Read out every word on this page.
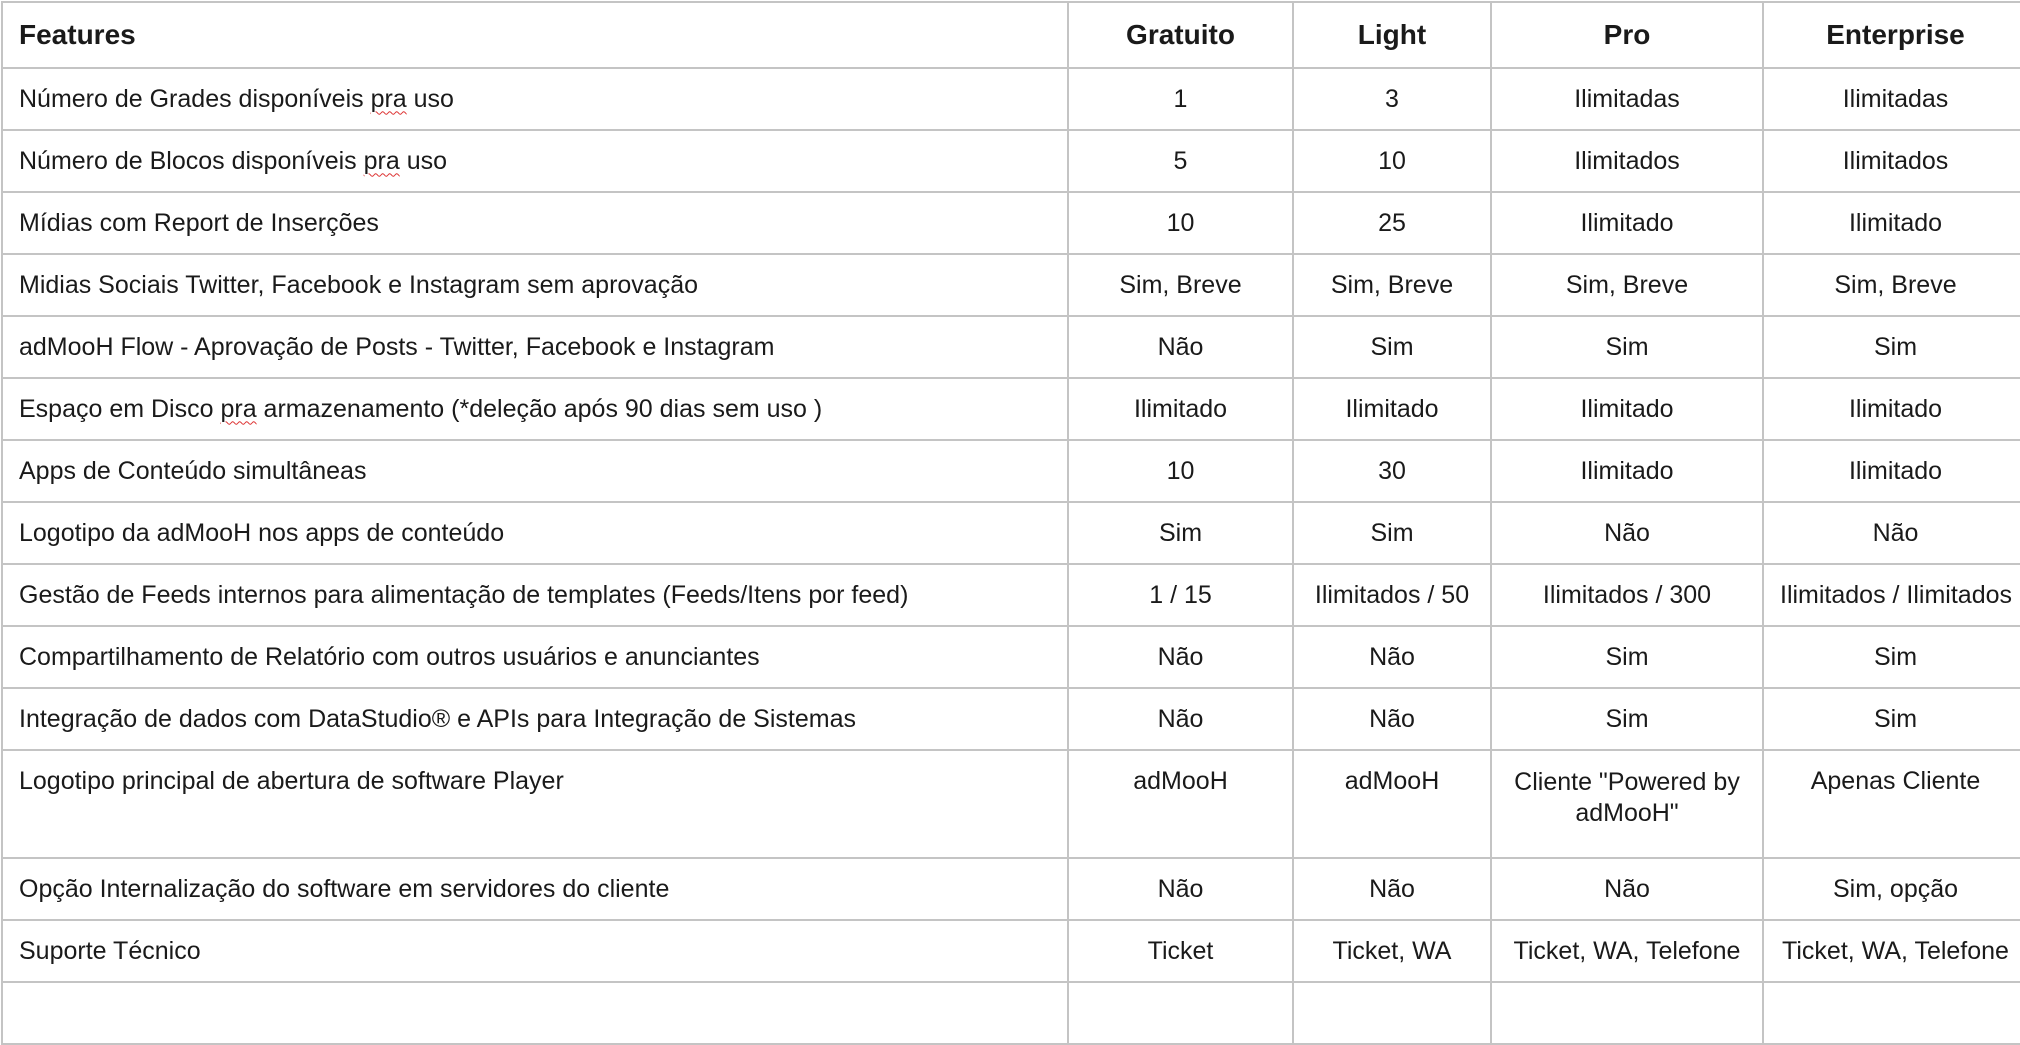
Features	Gratuito	Light	Pro	Enterprise
Número de Grades disponíveis pra uso	1	3	Ilimitadas	Ilimitadas
Número de Blocos disponíveis pra uso	5	10	Ilimitados	Ilimitados
Mídias com Report de Inserções	10	25	Ilimitado	Ilimitado
Midias Sociais Twitter, Facebook e Instagram sem aprovação	Sim, Breve	Sim, Breve	Sim, Breve	Sim, Breve
adMooH Flow - Aprovação de Posts - Twitter, Facebook e Instagram	Não	Sim	Sim	Sim
Espaço em Disco pra armazenamento (*deleção após 90 dias sem uso )	Ilimitado	Ilimitado	Ilimitado	Ilimitado
Apps de Conteúdo simultâneas	10	30	Ilimitado	Ilimitado
Logotipo da adMooH nos apps de conteúdo	Sim	Sim	Não	Não
Gestão de Feeds internos para alimentação de templates (Feeds/Itens por feed)	1 / 15	Ilimitados / 50	Ilimitados / 300	Ilimitados / Ilimitados
Compartilhamento de Relatório com outros usuários e anunciantes	Não	Não	Sim	Sim
Integração de dados com DataStudio® e APIs para Integração de Sistemas	Não	Não	Sim	Sim
Logotipo principal de abertura de software Player	adMooH	adMooH	Cliente "Powered by adMooH"	Apenas Cliente
Opção Internalização do software em servidores do cliente	Não	Não	Não	Sim, opção
Suporte Técnico	Ticket	Ticket, WA	Ticket, WA, Telefone	Ticket, WA, Telefone
